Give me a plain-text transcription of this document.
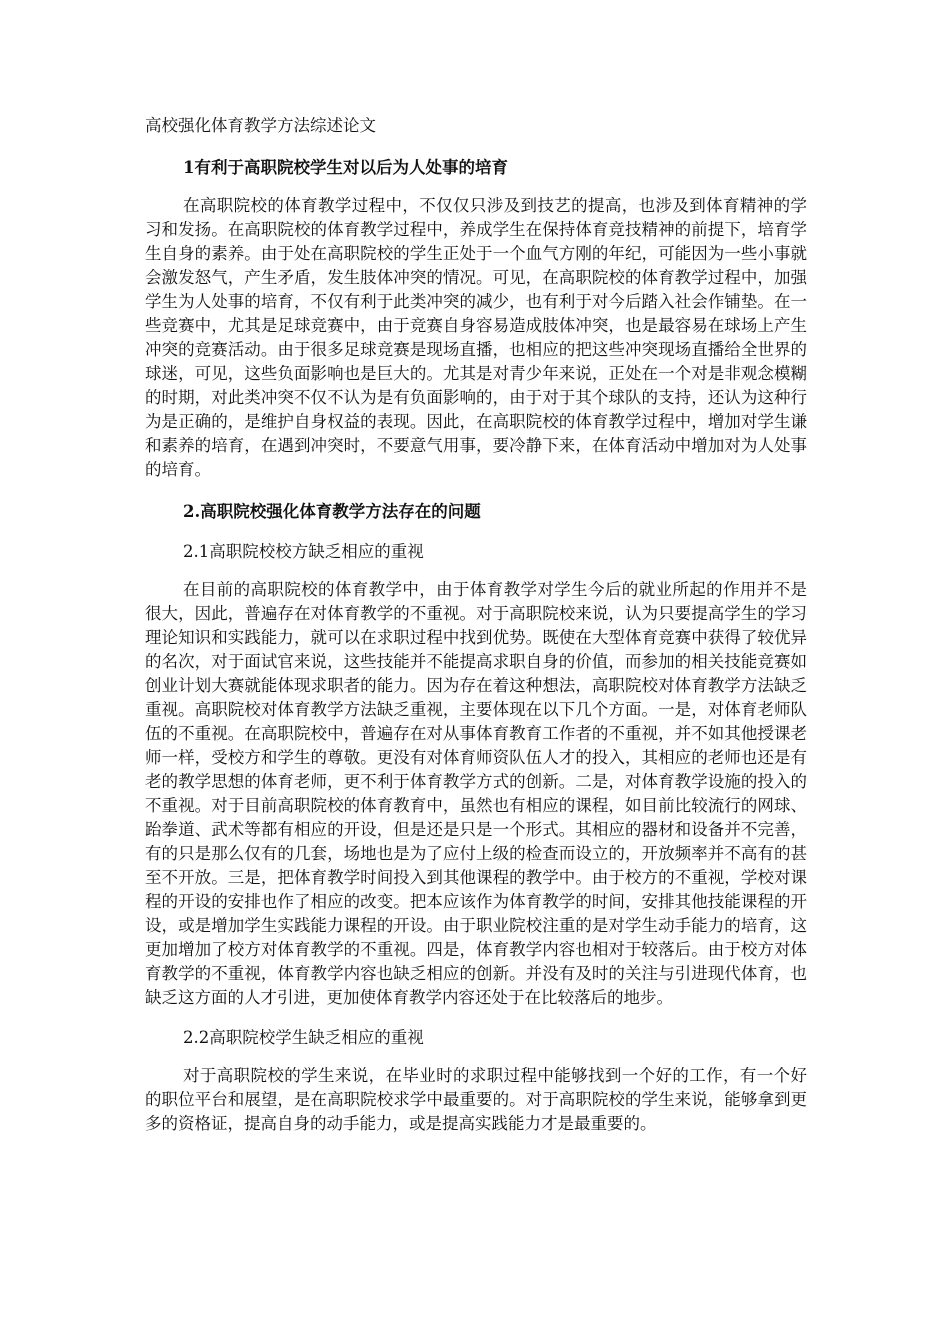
高校强化体育教学方法综述论文

1有利于高职院校学生对以后为人处事的培育

在高职院校的体育教学过程中，不仅仅只涉及到技艺的提高，也涉及到体育精神的学习和发扬。在高职院校的体育教学过程中，养成学生在保持体育竞技精神的前提下，培育学生自身的素养。由于处在高职院校的学生正处于一个血气方刚的年纪，可能因为一些小事就会激发怒气，产生矛盾，发生肢体冲突的情况。可见，在高职院校的体育教学过程中，加强学生为人处事的培育，不仅有利于此类冲突的减少，也有利于对今后踏入社会作铺垫。在一些竞赛中，尤其是足球竞赛中，由于竞赛自身容易造成肢体冲突，也是最容易在球场上产生冲突的竞赛活动。由于很多足球竞赛是现场直播，也相应的把这些冲突现场直播给全世界的球迷，可见，这些负面影响也是巨大的。尤其是对青少年来说，正处在一个对是非观念模糊的时期，对此类冲突不仅不认为是有负面影响的，由于对于其个球队的支持，还认为这种行为是正确的，是维护自身权益的表现。因此，在高职院校的体育教学过程中，增加对学生谦和素养的培育，在遇到冲突时，不要意气用事，要冷静下来，在体育活动中增加对为人处事的培育。

2.高职院校强化体育教学方法存在的问题

2.1高职院校校方缺乏相应的重视

在目前的高职院校的体育教学中，由于体育教学对学生今后的就业所起的作用并不是很大，因此，普遍存在对体育教学的不重视。对于高职院校来说，认为只要提高学生的学习理论知识和实践能力，就可以在求职过程中找到优势。既使在大型体育竞赛中获得了较优异的名次，对于面试官来说，这些技能并不能提高求职自身的价值，而参加的相关技能竞赛如创业计划大赛就能体现求职者的能力。因为存在着这种想法，高职院校对体育教学方法缺乏重视。高职院校对体育教学方法缺乏重视，主要体现在以下几个方面。一是，对体育老师队伍的不重视。在高职院校中，普遍存在对从事体育教育工作者的不重视，并不如其他授课老师一样，受校方和学生的尊敬。更没有对体育师资队伍人才的投入，其相应的老师也还是有老的教学思想的体育老师，更不利于体育教学方式的创新。二是，对体育教学设施的投入的不重视。对于目前高职院校的体育教育中，虽然也有相应的课程，如目前比较流行的网球、跆拳道、武术等都有相应的开设，但是还是只是一个形式。其相应的器材和设备并不完善，有的只是那么仅有的几套，场地也是为了应付上级的检查而设立的，开放频率并不高有的甚至不开放。三是，把体育教学时间投入到其他课程的教学中。由于校方的不重视，学校对课程的开设的安排也作了相应的改变。把本应该作为体育教学的时间，安排其他技能课程的开设，或是增加学生实践能力课程的开设。由于职业院校注重的是对学生动手能力的培育，这更加增加了校方对体育教学的不重视。四是，体育教学内容也相对于较落后。由于校方对体育教学的不重视，体育教学内容也缺乏相应的创新。并没有及时的关注与引进现代体育，也缺乏这方面的人才引进，更加使体育教学内容还处于在比较落后的地步。

2.2高职院校学生缺乏相应的重视

对于高职院校的学生来说，在毕业时的求职过程中能够找到一个好的工作，有一个好的职位平台和展望，是在高职院校求学中最重要的。对于高职院校的学生来说，能够拿到更多的资格证，提高自身的动手能力，或是提高实践能力才是最重要的。
